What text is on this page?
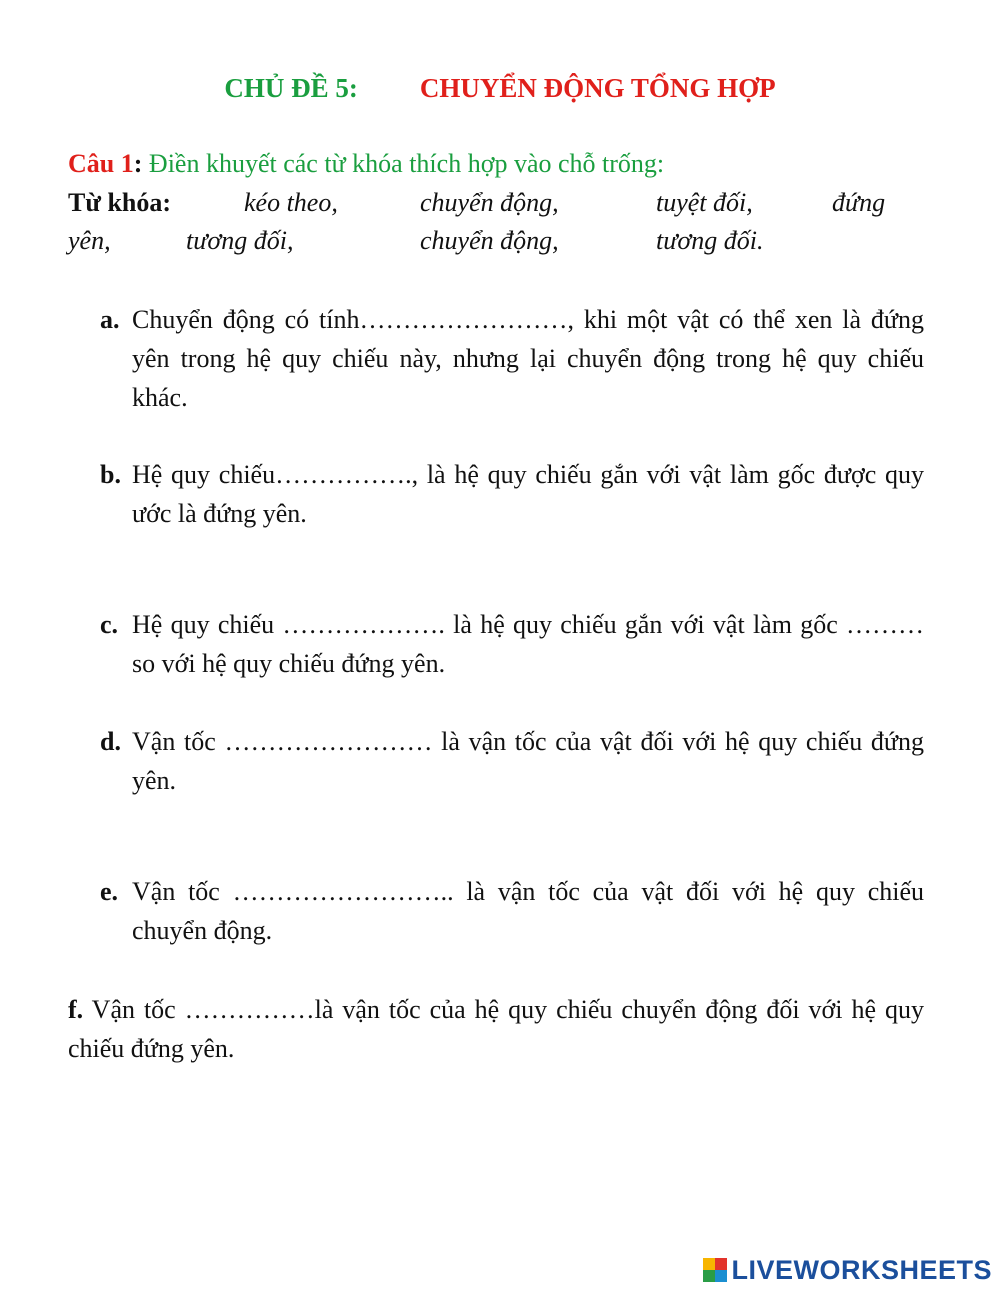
CHỦ ĐỀ 5: CHUYỂN ĐỘNG TỔNG HỢP
Câu 1: Điền khuyết các từ khóa thích hợp vào chỗ trống:
Từ khóa:	kéo theo,	chuyển động,	tuyệt đối,	đứng
yên,	tương đối,	chuyển động,	tương đối.
a. Chuyển động có tính……………………, khi một vật có thể xen là đứng yên trong hệ quy chiếu này, nhưng lại chuyển động trong hệ quy chiếu khác.
b. Hệ quy chiếu……………., là hệ quy chiếu gắn với vật làm gốc được quy ước là đứng yên.
c. Hệ quy chiếu ………………. là hệ quy chiếu gắn với vật làm gốc ……… so với hệ quy chiếu đứng yên.
d. Vận tốc …………………… là vận tốc của vật đối với hệ quy chiếu đứng yên.
e. Vận tốc …………………….. là vận tốc của vật đối với hệ quy chiếu chuyển động.
f. Vận tốc ……………là vận tốc của hệ quy chiếu chuyển động đối với hệ quy chiếu đứng yên.
LIVEWORKSHEETS
